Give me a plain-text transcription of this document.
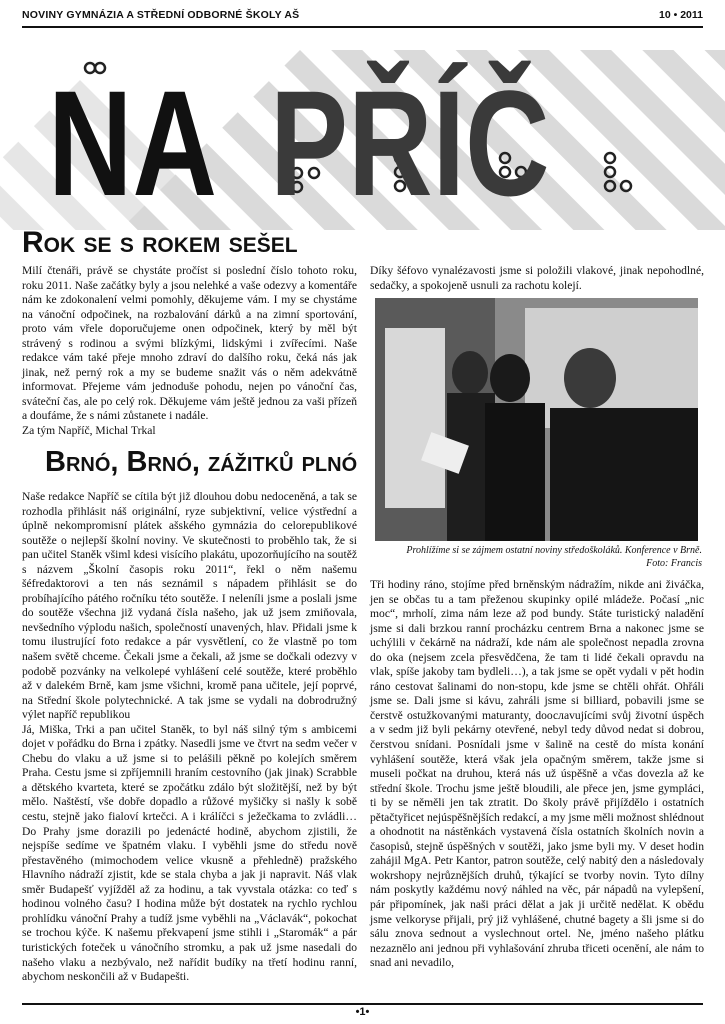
NOVINY GYMNÁZIA A STŘEDNÍ ODBORNÉ ŠKOLY AŠ	10 • 2011
NA PŘÍČ
Rok se s rokem sešel

Milí čtenáři, právě se chystáte pročíst si poslední číslo tohoto roku, roku 2011. Naše začátky byly a jsou nelehké a vaše odezvy a komentáře nám ke zdokonalení velmi pomohly, děkujeme vám. I my se chystáme na vánoční odpočinek, na rozbalování dárků a na zimní sportování, proto vám vřele doporučujeme onen odpočinek, který by měl být strávený s rodinou a svými blízkými, lidskými i zvířecími. Naše redakce vám také přeje mnoho zdraví do dalšího roku, čeká nás jak jinak, než perný rok a my se budeme snažit vás o něm adekvátně informovat. Přejeme vám jednoduše pohodu, nejen po vánoční čas, sváteční čas, ale po celý rok. Děkujeme vám ještě jednou za vaši přízeň a doufáme, že s námi zůstanete i nadále.

Za tým Napříč, Michal Trkal

Brnó, Brnó, zážitků plnó

Naše redakce Napříč se cítila být již dlouhou dobu nedoceněná, a tak se rozhodla přihlásit náš originální, ryze subjektivní, velice výstřední a úplně nekompromisní plátek ašského gymnázia do celorepublikové soutěže o nejlepší školní noviny. Ve skutečnosti to proběhlo tak, že si pan učitel Staněk všiml kdesi visícího plakátu, upozorňujícího na soutěž s názvem „Školní časopis roku 2011“, řekl o něm našemu šéfredaktorovi a ten nás seznámil s nápadem přihlásit se do probíhajícího pátého ročníku této soutěže. I neleníli jsme a poslali jsme do soutěže všechna již vydaná čísla našeho, jak už jsem zmiňovala, nevšedního výplodu našich, společností unavených, hlav. Přidali jsme k tomu ilustrující foto redakce a pár vysvětlení, co že vlastně po tom našem světě chceme. Čekali jsme a čekali, až jsme se dočkali odezvy v podobě pozvánky na velkolepé vyhlášení celé soutěže, které proběhlo až v dalekém Brně, kam jsme všichni, kromě pana učitele, její poprvé, na Střední škole polytechnické. A tak jsme se vydali na dobrodružný výlet napříč republikou

Já, Miška, Trki a pan učitel Staněk, to byl náš silný tým s ambicemi dojet v pořádku do Brna i zpátky. Nasedli jsme ve čtvrt na sedm večer v Chebu do vlaku a už jsme si to pelášili pěkně po kolejích směrem Praha. Cestu jsme si zpříjemnili hraním cestovního (jak jinak) Scrabble a dětského kvarteta, které se zpočátku zdálo být složitější, než by být mělo. Naštěstí, vše dobře dopadlo a růžové myšičky si našly k sobě cestu, stejně jako fialoví krtečci. A i králíčci s ježečkama to zvládli…Do Prahy jsme dorazili po jedenácté hodině, abychom zjistili, že nejspíše sedíme ve špatném vlaku. I vyběhli jsme do středu nově přestavěného (mimochodem velice vkusně a přehledně) pražského Hlavního nádraží zjistit, kde se stala chyba a jak ji napravit. Náš vlak směr Budapešť vyjížděl až za hodinu, a tak vyvstala otázka: co teď s hodinou volného času? I hodina může být dostatek na rychlo rychlou prohlídku vánoční Prahy a tudíž jsme vyběhli na „Václavák“, pokochat se trochou kýče. K našemu překvapení jsme stihli i „Staromák“ a pár turistických foteček u vánočního stromku, a pak už jsme nasedali do našeho vlaku a nezbývalo, než nařídit budíky na třetí hodinu ranní, abychom neskončili až v Budapešti.

Díky šéfovo vynalézavosti jsme si položili vlakové, jinak nepohodlné, sedačky, a spokojeně usnuli za rachotu kolejí.

Prohlížíme si se zájmem ostatní noviny středoškoláků. Konference v Brně.
Foto: Francis

Tři hodiny ráno, stojíme před brněnským nádražím, nikde ani živáčka, jen se občas tu a tam přeženou skupinky opilé mládeže. Počasí „nic moc“, mrholí, zima nám leze až pod bundy. Státe turistický naladění jsme si dali brzkou ranní procházku centrem Brna a nakonec jsme se uchýlili v čekárně na nádraží, kde nám ale společnost nepadla zrovna do oka (nejsem zcela přesvědčena, že tam ti lidé čekali opravdu na vlak, spíše jakoby tam bydleli…), a tak jsme se opět vydali v pět hodin ráno cestovat šalinami do non-stopu, kde jsme se chtěli ohřát. Ohřáli jsme se. Dali jsme si kávu, zahráli jsme si billiard, pobavili jsme se čerstvě ostužkovanými maturanty, doослavujícími svůj životní úspěch a v sedm již byli pekárny otevřené, nebyl tedy důvod nedat si dobrou, čerstvou snídani. Posnídali jsme v šalině na cestě do místa konání vyhlášení soutěže, která však jela opačným směrem, takže jsme si museli počkat na druhou, která nás už úspěšně a včas dovezla až ke střední škole. Trochu jsme ještě bloudili, ale přece jen, jsme gympláci, ti by se něměli jen tak ztratit. Do školy právě přijíždělo i ostatních pětačtyřicet nejúspěšnějších redakcí, a my jsme měli možnost shlédnout a ohodnotit na nástěnkách vystavená čísla ostatních školních novin a časopisů, stejně úspěšných v soutěži, jako jsme byli my. V deset hodin zahájil MgA. Petr Kantor, patron soutěže, celý nabitý den a následovaly wokrshopy nejrůznějších druhů, týkající se tvorby novin. Tyto dílny nám poskytly každému nový náhled na věc, pár nápadů na vylepšení, pár připomínek, jak naši práci dělat a jak ji určitě nedělat. K obědu jsme velkoryse přijali, prý již vyhlášené, chutné bagety a šli jsme si do sálu znova sednout a vyslechnout ortel. Ne, jméno našeho plátku nezaznělo ani jednou při vyhlašování zhruba třiceti ocenění, ale nám to snad ani nevadilo,

•1•
